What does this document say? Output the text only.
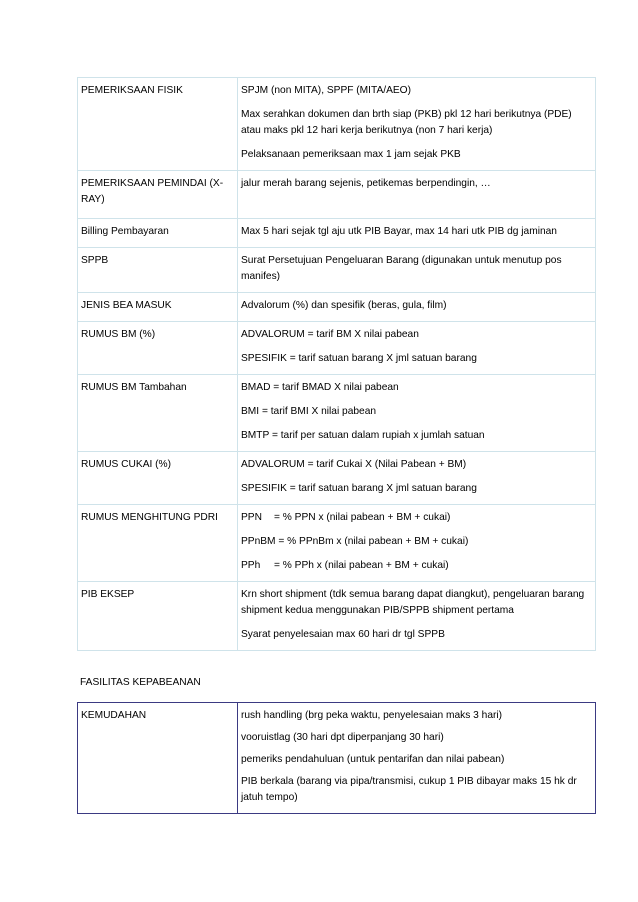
PEMERIKSAAN FISIK	SPJM (non MITA), SPPF (MITA/AEO)

Max serahkan dokumen dan brth siap (PKB) pkl 12 hari berikutnya (PDE) atau maks pkl 12 hari kerja berikutnya (non 7 hari kerja)

Pelaksanaan pemeriksaan max 1 jam sejak PKB

PEMERIKSAAN PEMINDAI (X-RAY)	jalur merah barang sejenis, petikemas berpendingin, …

Billing Pembayaran	Max 5 hari sejak tgl aju utk PIB Bayar, max 14 hari utk PIB dg jaminan

SPPB	Surat Persetujuan Pengeluaran Barang (digunakan untuk menutup pos manifes)

JENIS BEA MASUK	Advalorum (%) dan spesifik (beras, gula, film)

RUMUS BM (%)	ADVALORUM = tarif BM X nilai pabean

SPESIFIK = tarif satuan barang X jml satuan barang

RUMUS BM Tambahan	BMAD = tarif BMAD X nilai pabean

BMI = tarif BMI X nilai pabean

BMTP = tarif per satuan dalam rupiah x jumlah satuan

RUMUS CUKAI (%)	ADVALORUM = tarif Cukai X (Nilai Pabean + BM)

SPESIFIK = tarif satuan barang X jml satuan barang

RUMUS MENGHITUNG PDRI	PPN = % PPN x (nilai pabean + BM + cukai)

PPnBM = % PPnBm x (nilai pabean + BM + cukai)

PPh = % PPh x (nilai pabean + BM + cukai)

PIB EKSEP	Krn short shipment (tdk semua barang dapat diangkut), pengeluaran barang shipment kedua menggunakan PIB/SPPB shipment pertama

Syarat penyelesaian max 60 hari dr tgl SPPB

FASILITAS KEPABEANAN
KEMUDAHAN	rush handling (brg peka waktu, penyelesaian maks 3 hari)

vooruistlag (30 hari dpt diperpanjang 30 hari)

pemeriks pendahuluan (untuk pentarifan dan nilai pabean)

PIB berkala (barang via pipa/transmisi, cukup 1 PIB dibayar maks 15 hk dr jatuh tempo)
